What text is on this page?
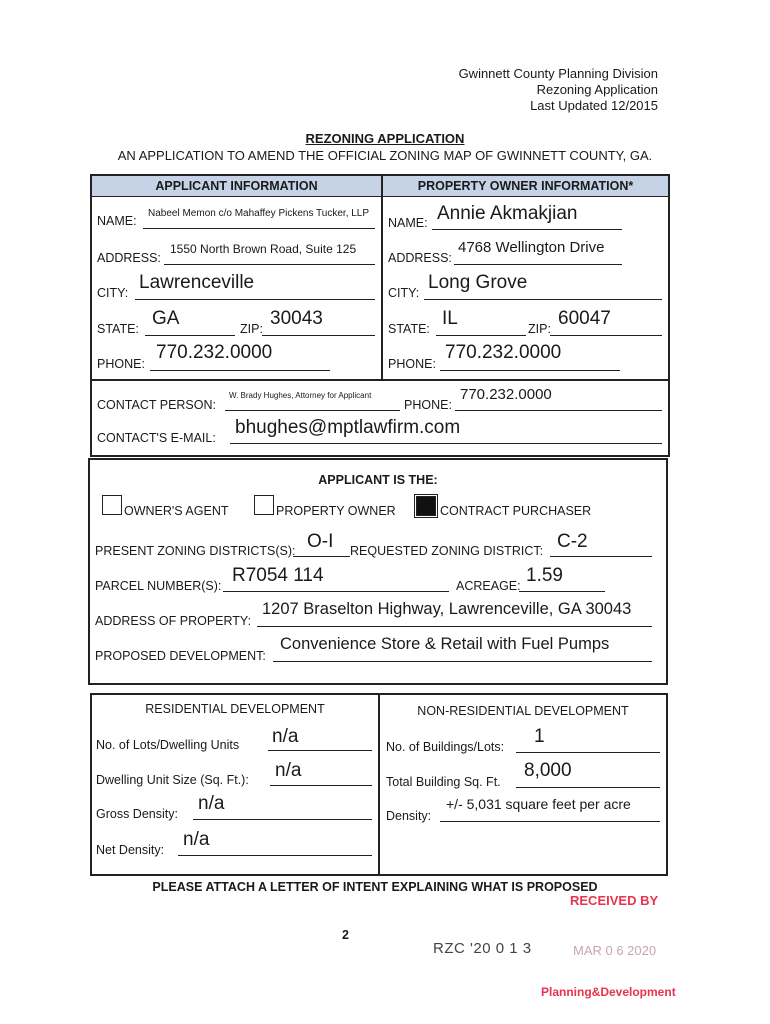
Gwinnett County Planning Division
Rezoning Application
Last Updated 12/2015
REZONING APPLICATION
AN APPLICATION TO AMEND THE OFFICIAL ZONING MAP OF GWINNETT COUNTY, GA.
APPLICANT INFORMATION	PROPERTY OWNER INFORMATION*
NAME:
Nabeel Memon c/o Mahaffey Pickens Tucker, LLP
ADDRESS:
1550 North Brown Road, Suite 125
CITY: Lawrenceville
STATE: GA	ZIP: 30043
PHONE:
770.232.0000
NAME: Annie Akmakjian
ADDRESS:
4768 Wellington Drive
CITY: Long Grove
STATE: IL	ZIP: 60047
PHONE:
770.232.0000
CONTACT PERSON:
W. Brady Hughes, Attorney for Applicant
PHONE:
770.232.0000
CONTACT'S E-MAIL: bhughes@mptlawfirm.com
APPLICANT IS THE:
OWNER'S AGENT	PROPERTY OWNER	CONTRACT PURCHASER
PRESENT ZONING DISTRICTS(S): O-I REQUESTED ZONING DISTRICT: C-2
PARCEL NUMBER(S): R7054 114	ACREAGE: 1.59
ADDRESS OF PROPERTY:
1207 Braselton Highway, Lawrenceville, GA 30043
PROPOSED DEVELOPMENT:
Convenience Store & Retail with Fuel Pumps
RESIDENTIAL DEVELOPMENT	NON-RESIDENTIAL DEVELOPMENT
No. of Lots/Dwelling Units n/a
Dwelling Unit Size (Sq. Ft.): n/a
Gross Density: n/a
Net Density: n/a
No. of Buildings/Lots: 1
Total Building Sq. Ft.
8,000
Density:
+/- 5,031 square feet per acre
PLEASE ATTACH A LETTER OF INTENT EXPLAINING WHAT IS PROPOSED
RECEIVED BY
2
RZC '20 0 1 3	MAR 0 6 2020
Planning&Development
